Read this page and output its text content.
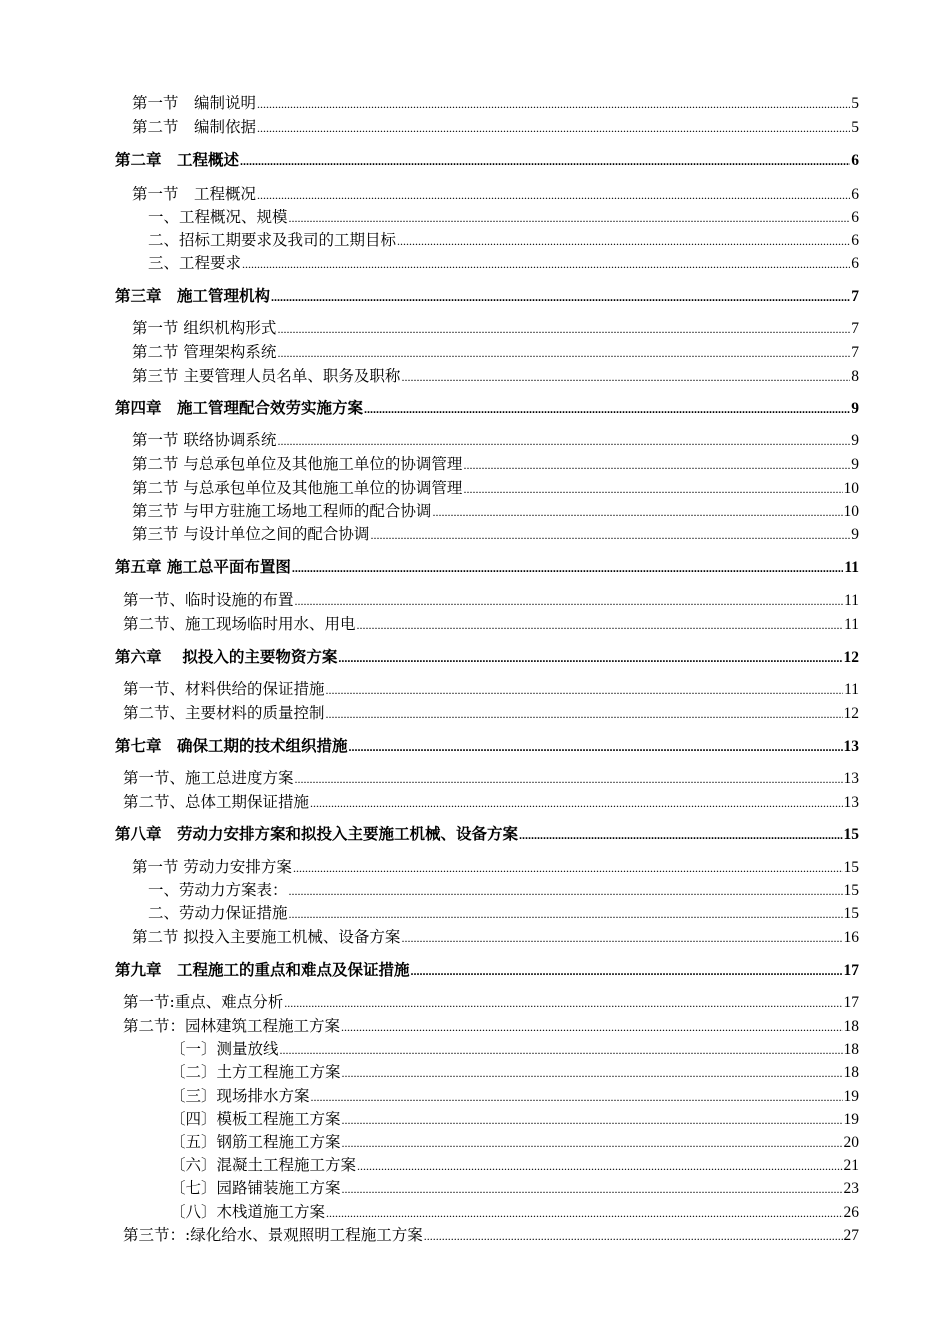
第一节　编制说明 .....	5
第二节　编制依据 .....	5
第二章　工程概述 .....	6
第一节　工程概况 .....	6
一、工程概况、规模 .....	6
二、招标工期要求及我司的工期目标 .....	6
三、工程要求 .....	6
第三章　施工管理机构 .....	7
第一节 组织机构形式 .....	7
第二节 管理架构系统 .....	7
第三节 主要管理人员名单、职务及职称 .....	8
第四章　施工管理配合效劳实施方案 .....	9
第一节 联络协调系统 .....	9
第二节 与总承包单位及其他施工单位的协调管理 .....	9
第二节 与总承包单位及其他施工单位的协调管理 .....	10
第三节 与甲方驻施工场地工程师的配合协调 .....	10
第三节 与设计单位之间的配合协调 .....	9
第五章 施工总平面布置图 .....	11
第一节、临时设施的布置 .....	11
第二节、施工现场临时用水、用电 .....	11
第六章　 拟投入的主要物资方案 .....	12
第一节、材料供给的保证措施 .....	11
第二节、主要材料的质量控制 .....	12
第七章　确保工期的技术组织措施 .....	13
第一节、施工总进度方案 .....	13
第二节、总体工期保证措施 .....	13
第八章　劳动力安排方案和拟投入主要施工机械、设备方案 .....	15
第一节 劳动力安排方案 .....	15
一、劳动力方案表： .....	15
二、劳动力保证措施 .....	15
第二节 拟投入主要施工机械、设备方案 .....	16
第九章　工程施工的重点和难点及保证措施 .....	17
第一节:重点、难点分析 .....	17
第二节：园林建筑工程施工方案 .....	18
〔一〕测量放线 .....	18
〔二〕土方工程施工方案 .....	18
〔三〕现场排水方案 .....	19
〔四〕模板工程施工方案 .....	19
〔五〕钢筋工程施工方案 .....	20
〔六〕混凝土工程施工方案 .....	21
〔七〕园路铺装施工方案 .....	23
〔八〕木栈道施工方案 .....	26
第三节：:绿化给水、景观照明工程施工方案 .....	27
